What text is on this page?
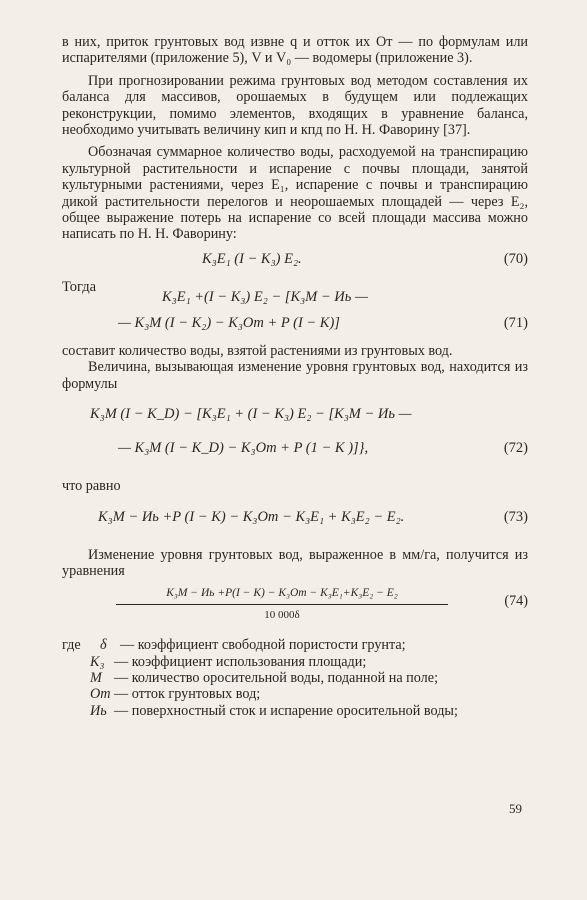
в них, приток грунтовых вод извне q и отток их От — по формулам или испарителями (приложение 5), V и V₀ — водомеры (приложение 3).

При прогнозировании режима грунтовых вод методом составления их баланса для массивов, орошаемых в будущем или подлежащих реконструкции, помимо элементов, входящих в уравнение баланса, необходимо учитывать величину кип и кпд по Н. Н. Фаворину [37].

Обозначая суммарное количество воды, расходуемой на транспирацию культурной растительности и испарение с почвы площади, занятой культурными растениями, через E₁, испарение с почвы и транспирацию дикой растительности перелогов и неорошаемых площадей — через E₂, общее выражение потерь на испарение со всей площади массива можно написать по Н. Н. Фаворину:

K₃E₁ (I − K₃) E₂.	(70)
Тогда
K₃E₁ +(I − K₃) E₂ − [K₃M − Иь —
— K₃M (I − K₂) − K₃От + P (I − K)]	(71)

составит количество воды, взятой растениями из грунтовых вод.

Величина, вызывающая изменение уровня грунтовых вод, находится из формулы

K₃M (I − K_D) − [K₃E₁ + (I − K₃) E₂ − [K₃M − Иь —
— K₃M (I − K_D) − K₃От + P (1 − K )]},	(72)

что равно

K₃M − Иь +P (I − K) − K₃От − K₃E₁ + K₃E₂ − E₂.	(73)

Изменение уровня грунтовых вод, выраженное в мм/га, получится из уравнения

K₃M − Иь +P(I − K) − K₃От − K₃E₁+K₃E₂ − E₂
10 000δ
(74)
где δ — коэффициент свободной пористости грунта;
K₃ — коэффициент использования площади;
M — количество оросительной воды, поданной на поле;
От — отток грунтовых вод;
Иь — поверхностный сток и испарение оросительной воды;
59
